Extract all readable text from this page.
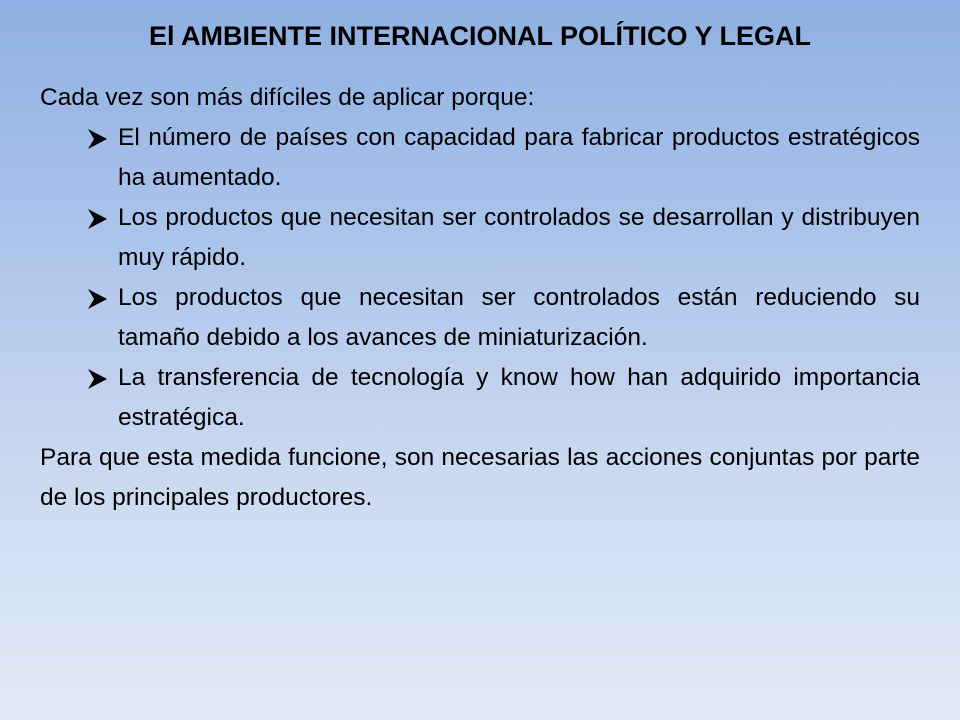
El AMBIENTE INTERNACIONAL POLÍTICO Y LEGAL

Cada vez son más difíciles de aplicar porque:

El número de países con capacidad para fabricar productos estratégicos ha aumentado.
Los productos que necesitan ser controlados se desarrollan y distribuyen muy rápido.
Los productos que necesitan ser controlados están reduciendo su tamaño debido a los avances de miniaturización.
La transferencia de tecnología y know how han adquirido importancia estratégica.

Para que esta medida funcione, son necesarias las acciones conjuntas por parte de los principales productores.
